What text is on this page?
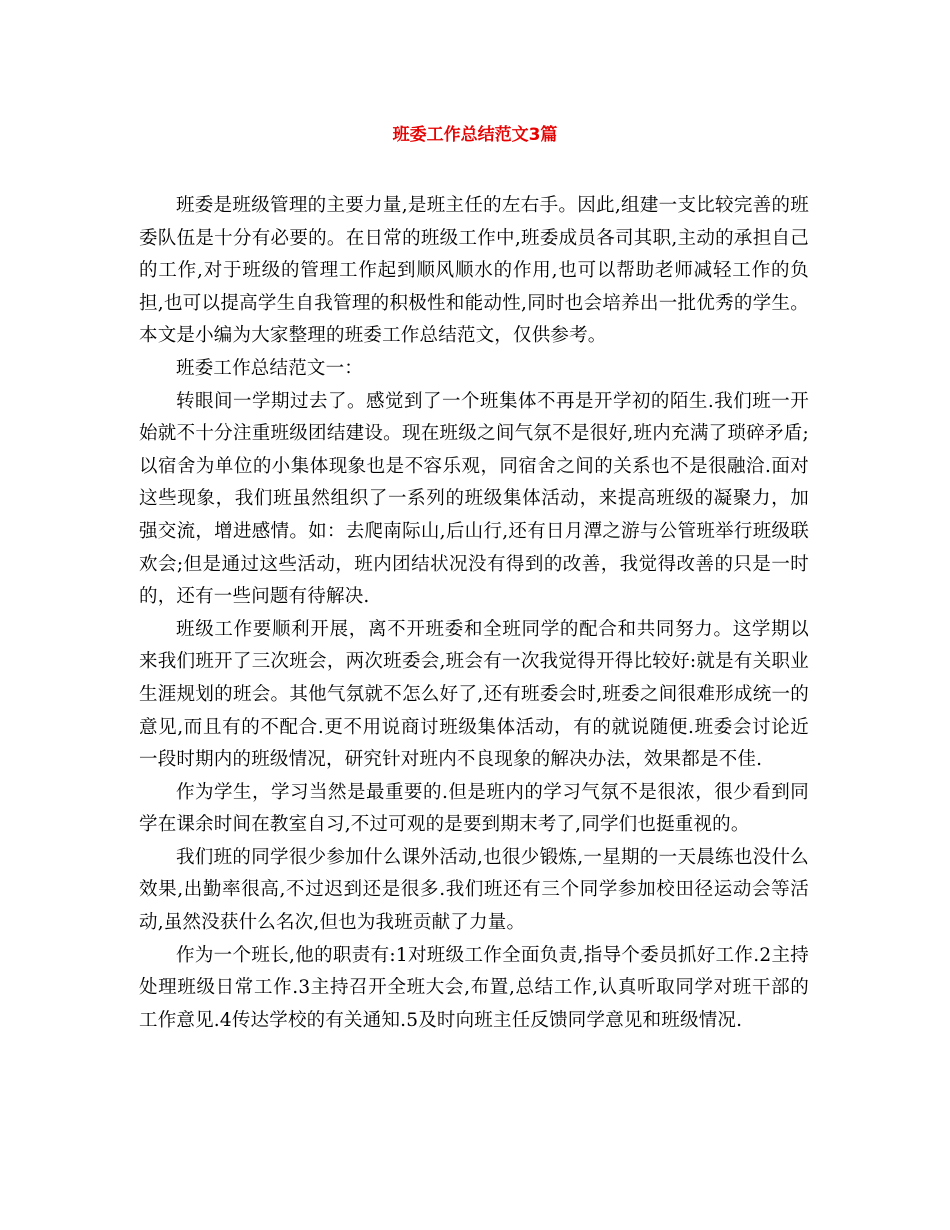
班委工作总结范文3篇

班委是班级管理的主要力量,是班主任的左右手。因此,组建一支比较完善的班委队伍是十分有必要的。在日常的班级工作中,班委成员各司其职,主动的承担自己的工作,对于班级的管理工作起到顺风顺水的作用,也可以帮助老师减轻工作的负担,也可以提高学生自我管理的积极性和能动性,同时也会培养出一批优秀的学生。本文是小编为大家整理的班委工作总结范文，仅供参考。

班委工作总结范文一：

转眼间一学期过去了。感觉到了一个班集体不再是开学初的陌生.我们班一开始就不十分注重班级团结建设。现在班级之间气氛不是很好,班内充满了琐碎矛盾;以宿舍为单位的小集体现象也是不容乐观，同宿舍之间的关系也不是很融洽.面对这些现象，我们班虽然组织了一系列的班级集体活动，来提高班级的凝聚力，加强交流，增进感情。如：去爬南际山,后山行,还有日月潭之游与公管班举行班级联欢会;但是通过这些活动，班内团结状况没有得到的改善，我觉得改善的只是一时的，还有一些问题有待解决.

班级工作要顺利开展，离不开班委和全班同学的配合和共同努力。这学期以来我们班开了三次班会，两次班委会,班会有一次我觉得开得比较好:就是有关职业生涯规划的班会。其他气氛就不怎么好了,还有班委会时,班委之间很难形成统一的意见,而且有的不配合.更不用说商讨班级集体活动，有的就说随便.班委会讨论近一段时期内的班级情况，研究针对班内不良现象的解决办法，效果都是不佳.

作为学生，学习当然是最重要的.但是班内的学习气氛不是很浓，很少看到同学在课余时间在教室自习,不过可观的是要到期末考了,同学们也挺重视的。

我们班的同学很少参加什么课外活动,也很少锻炼,一星期的一天晨练也没什么效果,出勤率很高,不过迟到还是很多.我们班还有三个同学参加校田径运动会等活动,虽然没获什么名次,但也为我班贡献了力量。

作为一个班长,他的职责有:1对班级工作全面负责,指导个委员抓好工作.2主持处理班级日常工作.3主持召开全班大会,布置,总结工作,认真听取同学对班干部的工作意见.4传达学校的有关通知.5及时向班主任反馈同学意见和班级情况.
